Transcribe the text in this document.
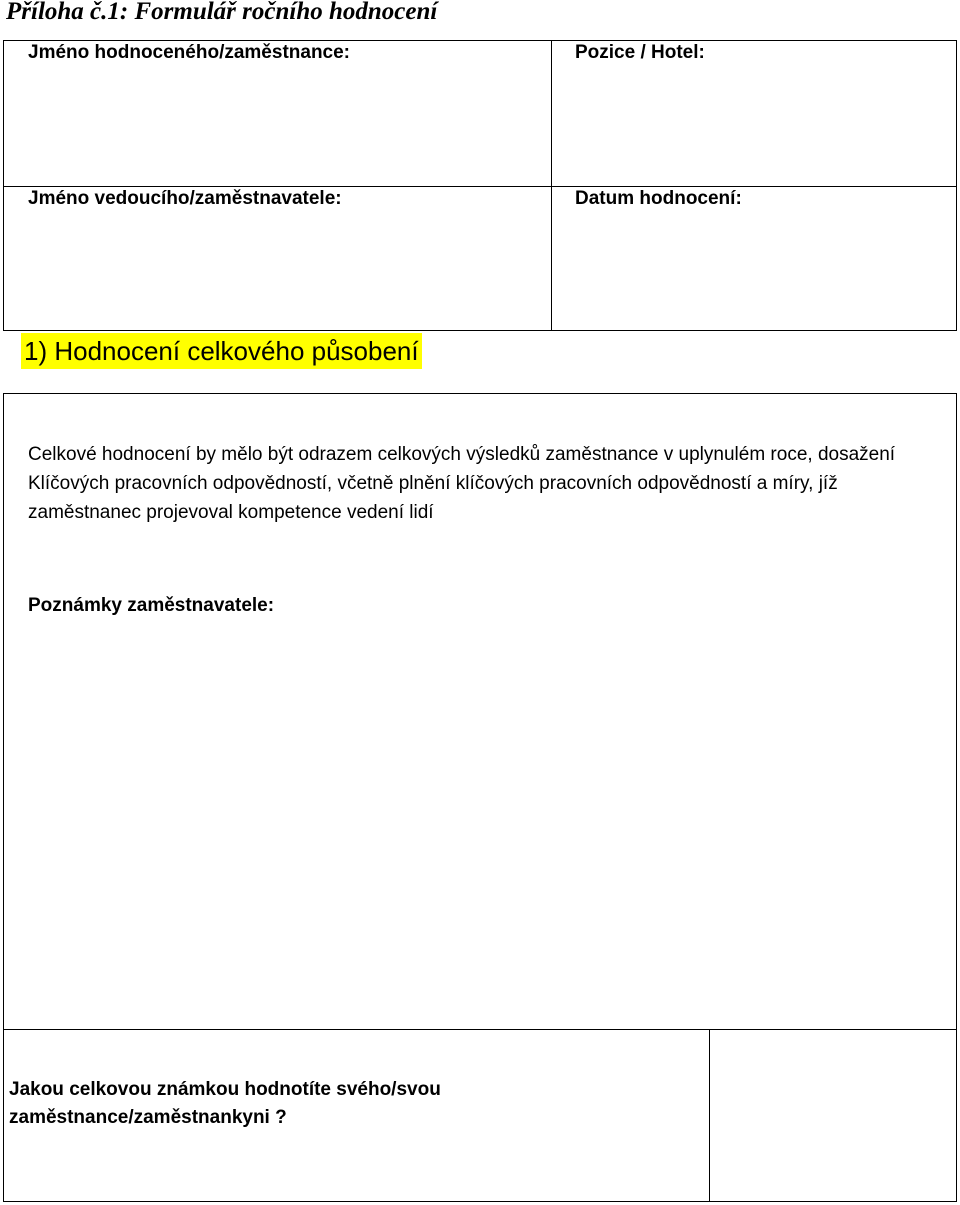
Příloha č.1: Formulář ročního hodnocení
Jméno hodnoceného/zaměstnance:	Pozice / Hotel:
Jméno vedoucího/zaměstnavatele:	Datum hodnocení:
1) Hodnocení celkového působení
Celkové hodnocení by mělo být odrazem celkových výsledků zaměstnance v uplynulém roce, dosažení Klíčových pracovních odpovědností, včetně plnění klíčových pracovních odpovědností a míry, jíž zaměstnanec projevoval kompetence vedení lidí
Poznámky zaměstnavatele:
Jakou celkovou známkou hodnotíte svého/svou zaměstnance/zaměstnankyni ?
